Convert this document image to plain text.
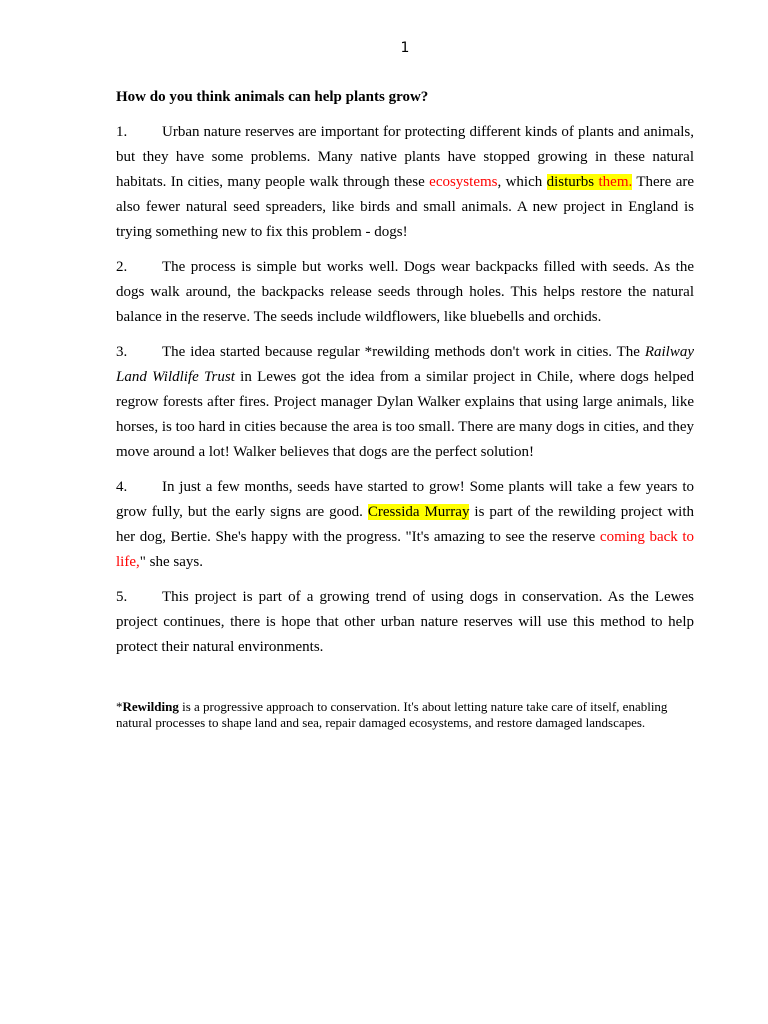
1

How do you think animals can help plants grow?

1. Urban nature reserves are important for protecting different kinds of plants and animals, but they have some problems. Many native plants have stopped growing in these natural habitats. In cities, many people walk through these ecosystems, which disturbs them. There are also fewer natural seed spreaders, like birds and small animals. A new project in England is trying something new to fix this problem - dogs!

2. The process is simple but works well. Dogs wear backpacks filled with seeds. As the dogs walk around, the backpacks release seeds through holes. This helps restore the natural balance in the reserve. The seeds include wildflowers, like bluebells and orchids.

3. The idea started because regular *rewilding methods don't work in cities. The Railway Land Wildlife Trust in Lewes got the idea from a similar project in Chile, where dogs helped regrow forests after fires. Project manager Dylan Walker explains that using large animals, like horses, is too hard in cities because the area is too small. There are many dogs in cities, and they move around a lot! Walker believes that dogs are the perfect solution!

4. In just a few months, seeds have started to grow! Some plants will take a few years to grow fully, but the early signs are good. Cressida Murray is part of the rewilding project with her dog, Bertie. She's happy with the progress. "It's amazing to see the reserve coming back to life," she says.

5. This project is part of a growing trend of using dogs in conservation. As the Lewes project continues, there is hope that other urban nature reserves will use this method to help protect their natural environments.

*Rewilding is a progressive approach to conservation. It's about letting nature take care of itself, enabling natural processes to shape land and sea, repair damaged ecosystems, and restore damaged landscapes.
